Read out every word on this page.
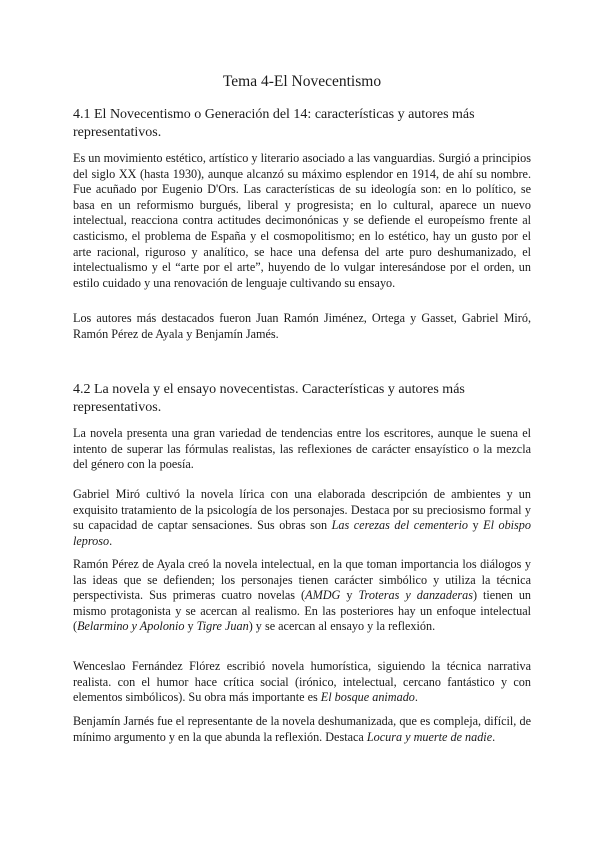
Tema 4-El Novecentismo
4.1 El Novecentismo o Generación del 14: características y autores más representativos.

Es un movimiento estético, artístico y literario asociado a las vanguardias. Surgió a principios del siglo XX (hasta 1930), aunque alcanzó su máximo esplendor en 1914, de ahí su nombre. Fue acuñado por Eugenio D'Ors. Las características de su ideología son: en lo político, se basa en un reformismo burgués, liberal y progresista; en lo cultural, aparece un nuevo intelectual, reacciona contra actitudes decimonónicas y se defiende el europeísmo frente al casticismo, el problema de España y el cosmopolitismo; en lo estético, hay un gusto por el arte racional, riguroso y analítico, se hace una defensa del arte puro deshumanizado, el intelectualismo y el “arte por el arte”, huyendo de lo vulgar interesándose por el orden, un estilo cuidado y una renovación de lenguaje cultivando su ensayo.

Los autores más destacados fueron Juan Ramón Jiménez, Ortega y Gasset, Gabriel Miró, Ramón Pérez de Ayala y Benjamín Jamés.

4.2 La novela y el ensayo novecentistas. Características y autores más representativos.

La novela presenta una gran variedad de tendencias entre los escritores, aunque le suena el intento de superar las fórmulas realistas, las reflexiones de carácter ensayístico o la mezcla del género con la poesía.

Gabriel Miró cultivó la novela lírica con una elaborada descripción de ambientes y un exquisito tratamiento de la psicología de los personajes. Destaca por su preciosismo formal y su capacidad de captar sensaciones. Sus obras son Las cerezas del cementerio y El obispo leproso.

Ramón Pérez de Ayala creó la novela intelectual, en la que toman importancia los diálogos y las ideas que se defienden; los personajes tienen carácter simbólico y utiliza la técnica perspectivista. Sus primeras cuatro novelas (AMDG y Troteras y danzaderas) tienen un mismo protagonista y se acercan al realismo. En las posteriores hay un enfoque intelectual (Belarmino y Apolonio y Tigre Juan) y se acercan al ensayo y la reflexión.

Wenceslao Fernández Flórez escribió novela humorística, siguiendo la técnica narrativa realista. con el humor hace crítica social (irónico, intelectual, cercano fantástico y con elementos simbólicos). Su obra más importante es El bosque animado.

Benjamín Jarnés fue el representante de la novela deshumanizada, que es compleja, difícil, de mínimo argumento y en la que abunda la reflexión. Destaca Locura y muerte de nadie.
